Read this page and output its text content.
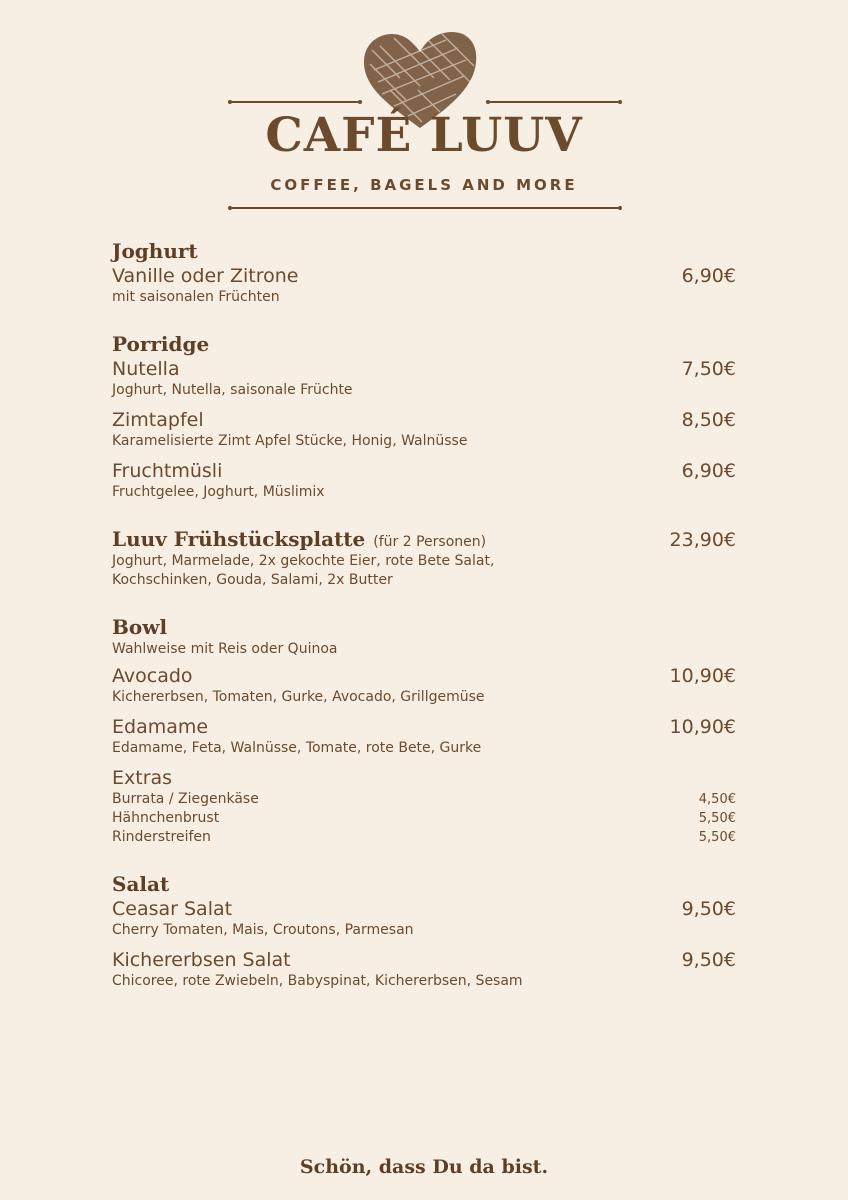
CAFÉ LUUV
COFFEE, BAGELS AND MORE
Joghurt
Vanille oder Zitrone	6,90€
mit saisonalen Früchten
Porridge
Nutella	7,50€
Joghurt, Nutella, saisonale Früchte
Zimtapfel	8,50€
Karamelisierte Zimt Apfel Stücke, Honig, Walnüsse
Fruchtmüsli	6,90€
Fruchtgelee, Joghurt, Müslimix
Luuv Frühstücksplatte (für 2 Personen)	23,90€
Joghurt, Marmelade, 2x gekochte Eier, rote Bete Salat,
Kochschinken, Gouda, Salami, 2x Butter
Bowl
Wahlweise mit Reis oder Quinoa
Avocado	10,90€
Kichererbsen, Tomaten, Gurke, Avocado, Grillgemüse
Edamame	10,90€
Edamame, Feta, Walnüsse, Tomate, rote Bete, Gurke
Extras
Burrata / Ziegenkäse	4,50€
Hähnchenbrust	5,50€
Rinderstreifen	5,50€
Salat
Ceasar Salat	9,50€
Cherry Tomaten, Mais, Croutons, Parmesan
Kichererbsen Salat	9,50€
Chicoree, rote Zwiebeln, Babyspinat, Kichererbsen, Sesam
Schön, dass Du da bist.
